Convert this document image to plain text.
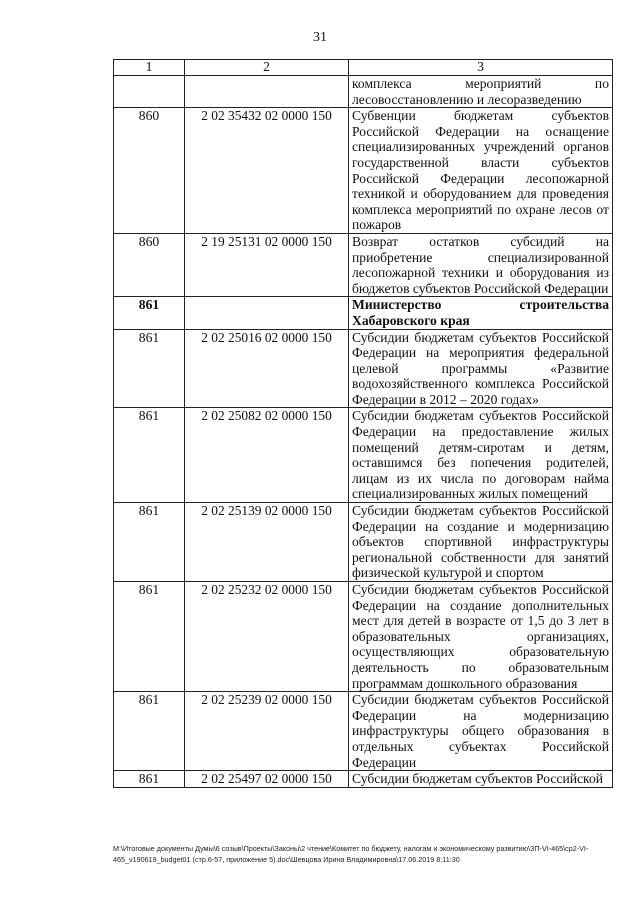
31
1	2	3
		комплекса мероприятий по лесовосстановлению и лесоразведению
860	2 02 35432 02 0000 150	Субвенции бюджетам субъектов Российской Федерации на оснащение специализированных учреждений органов государственной власти субъектов Российской Федерации лесопожарной техникой и оборудованием для проведения комплекса мероприятий по охране лесов от пожаров
860	2 19 25131 02 0000 150	Возврат остатков субсидий на приобретение специализированной лесопожарной техники и оборудования из бюджетов субъектов Российской Федерации
861		Министерство строительства Хабаровского края
861	2 02 25016 02 0000 150	Субсидии бюджетам субъектов Российской Федерации на мероприятия федеральной целевой программы «Развитие водохозяйственного комплекса Российской Федерации в 2012 – 2020 годах»
861	2 02 25082 02 0000 150	Субсидии бюджетам субъектов Российской Федерации на предоставление жилых помещений детям-сиротам и детям, оставшимся без попечения родителей, лицам из их числа по договорам найма специализированных жилых помещений
861	2 02 25139 02 0000 150	Субсидии бюджетам субъектов Российской Федерации на создание и модернизацию объектов спортивной инфраструктуры региональной собственности для занятий физической культурой и спортом
861	2 02 25232 02 0000 150	Субсидии бюджетам субъектов Российской Федерации на создание дополнительных мест для детей в возрасте от 1,5 до 3 лет в образовательных организациях, осуществляющих образовательную деятельность по образовательным программам дошкольного образования
861	2 02 25239 02 0000 150	Субсидии бюджетам субъектов Российской Федерации на модернизацию инфраструктуры общего образования в отдельных субъектах Российской Федерации
861	2 02 25497 02 0000 150	Субсидии бюджетам субъектов Российской
M:\Итоговые документы Думы\6 созыв\Проекты\Законы\2 чтение\Комитет по бюджету, налогам и экономическому развитию\ЗП-VI-465\ср2-VI-465_v190619_budget01 (стр.6-57, приложение 5).doc\Шевцова Ирина Владимировна\17.06.2019 8:11:30
